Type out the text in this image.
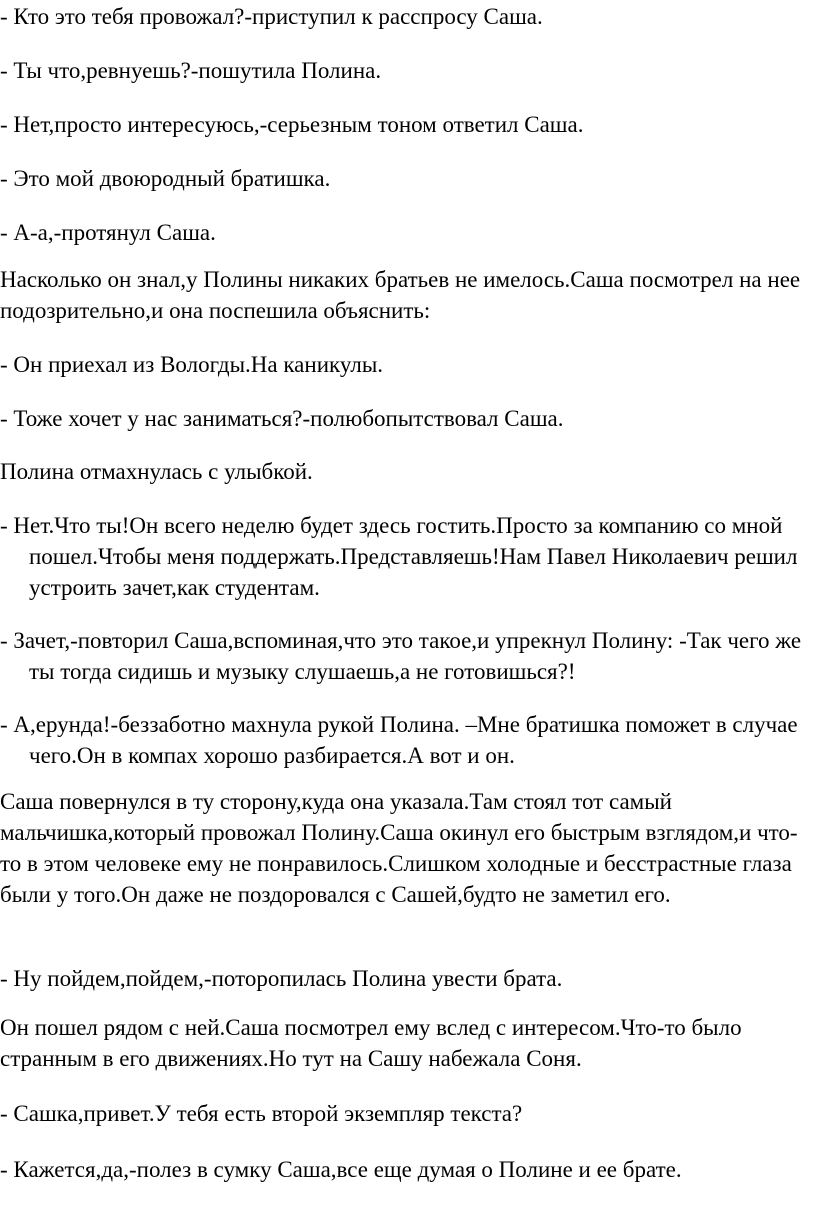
- Кто это тебя провожал?-приступил к расспросу Саша.

- Ты что,ревнуешь?-пошутила Полина.

- Нет,просто интересуюсь,-серьезным тоном ответил Саша.

- Это мой двоюродный братишка.

- А-а,-протянул Саша.

Насколько он знал,у Полины никаких братьев не имелось.Саша посмотрел на нее подозрительно,и она поспешила объяснить:

- Он приехал из Вологды.На каникулы.

- Тоже хочет у нас заниматься?-полюбопытствовал Саша.

Полина отмахнулась с улыбкой.

- Нет.Что ты!Он всего неделю будет здесь гостить.Просто за компанию со мной пошел.Чтобы меня поддержать.Представляешь!Нам Павел Николаевич решил устроить зачет,как студентам.

- Зачет,-повторил Саша,вспоминая,что это такое,и упрекнул Полину: -Так чего же ты тогда сидишь и музыку слушаешь,а не готовишься?!

- А,ерунда!-беззаботно махнула рукой Полина. –Мне братишка поможет в случае чего.Он в компах хорошо разбирается.А вот и он.

Саша повернулся в ту сторону,куда она указала.Там стоял тот самый мальчишка,который провожал Полину.Саша окинул его быстрым взглядом,и что-то в этом человеке ему не понравилось.Слишком холодные и бесстрастные глаза были у того.Он даже не поздоровался с Сашей,будто не заметил его.

- Ну пойдем,пойдем,-поторопилась Полина увести брата.

Он пошел рядом с ней.Саша посмотрел ему вслед с интересом.Что-то было странным в его движениях.Но тут на Сашу набежала Соня.

- Сашка,привет.У тебя есть второй экземпляр текста?

- Кажется,да,-полез в сумку Саша,все еще думая о Полине и ее брате.
